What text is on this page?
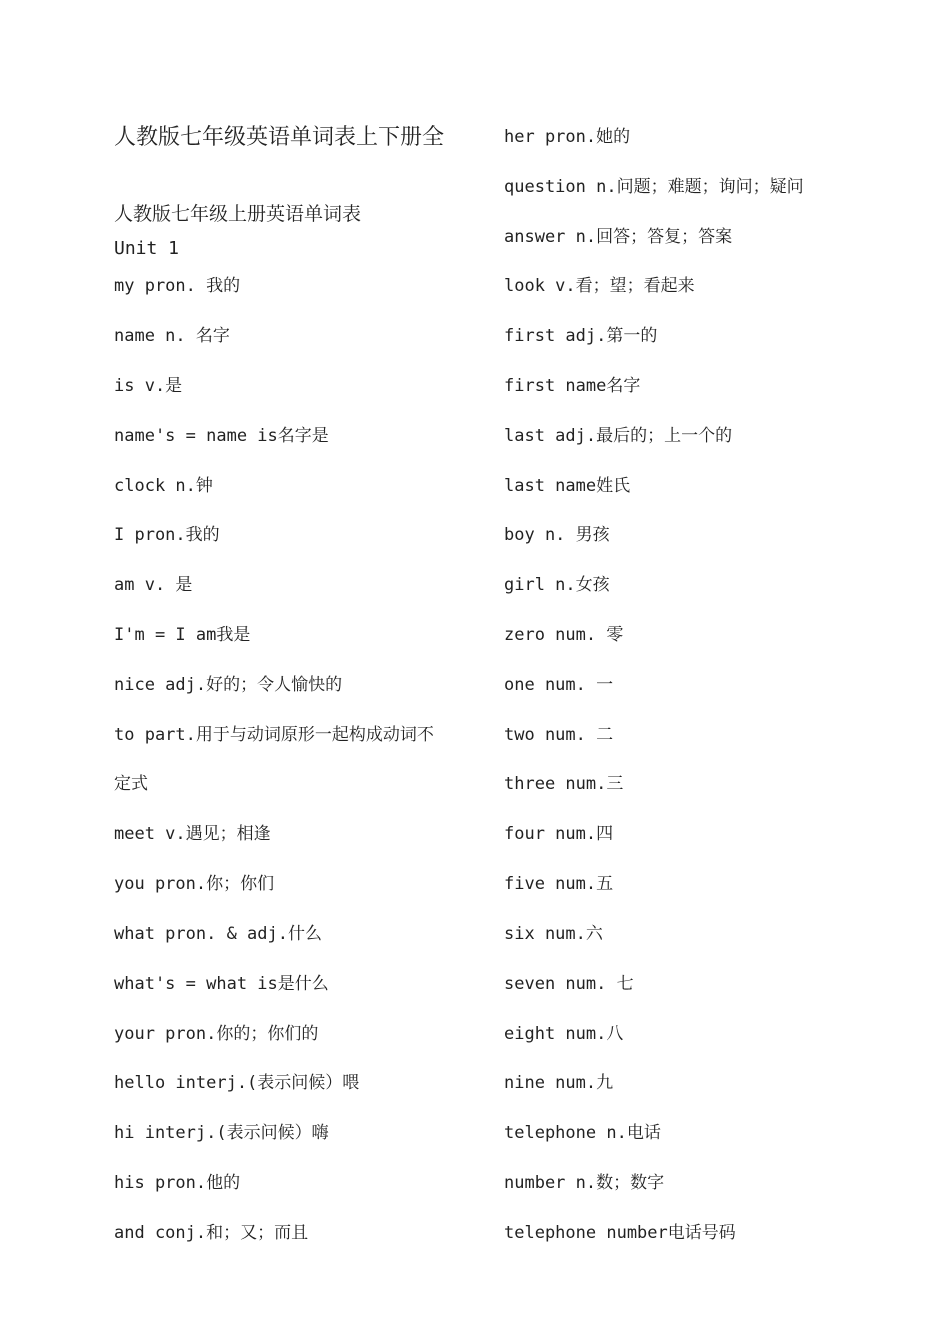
人教版七年级英语单词表上下册全
人教版七年级上册英语单词表
Unit 1
my pron. 我的
name n. 名字
is v.是
name's = name is名字是
clock n.钟
I pron.我的
am v. 是
I'm = I am我是
nice adj.好的；令人愉快的
to part.用于与动词原形一起构成动词不
定式
meet v.遇见；相逢
you pron.你；你们
what pron. & adj.什么
what's = what is是什么
your pron.你的；你们的
hello interj.(表示问候）喂
hi interj.(表示问候）嗨
his pron.他的
and conj.和；又；而且
her pron.她的
question n.问题；难题；询问；疑问
answer n.回答；答复；答案
look v.看；望；看起来
first adj.第一的
first name名字
last adj.最后的；上一个的
last name姓氏
boy n. 男孩
girl n.女孩
zero num. 零
one num. 一
two num. 二
three num.三
four num.四
five num.五
six num.六
seven num. 七
eight num.八
nine num.九
telephone n.电话
number n.数；数字
telephone number电话号码
